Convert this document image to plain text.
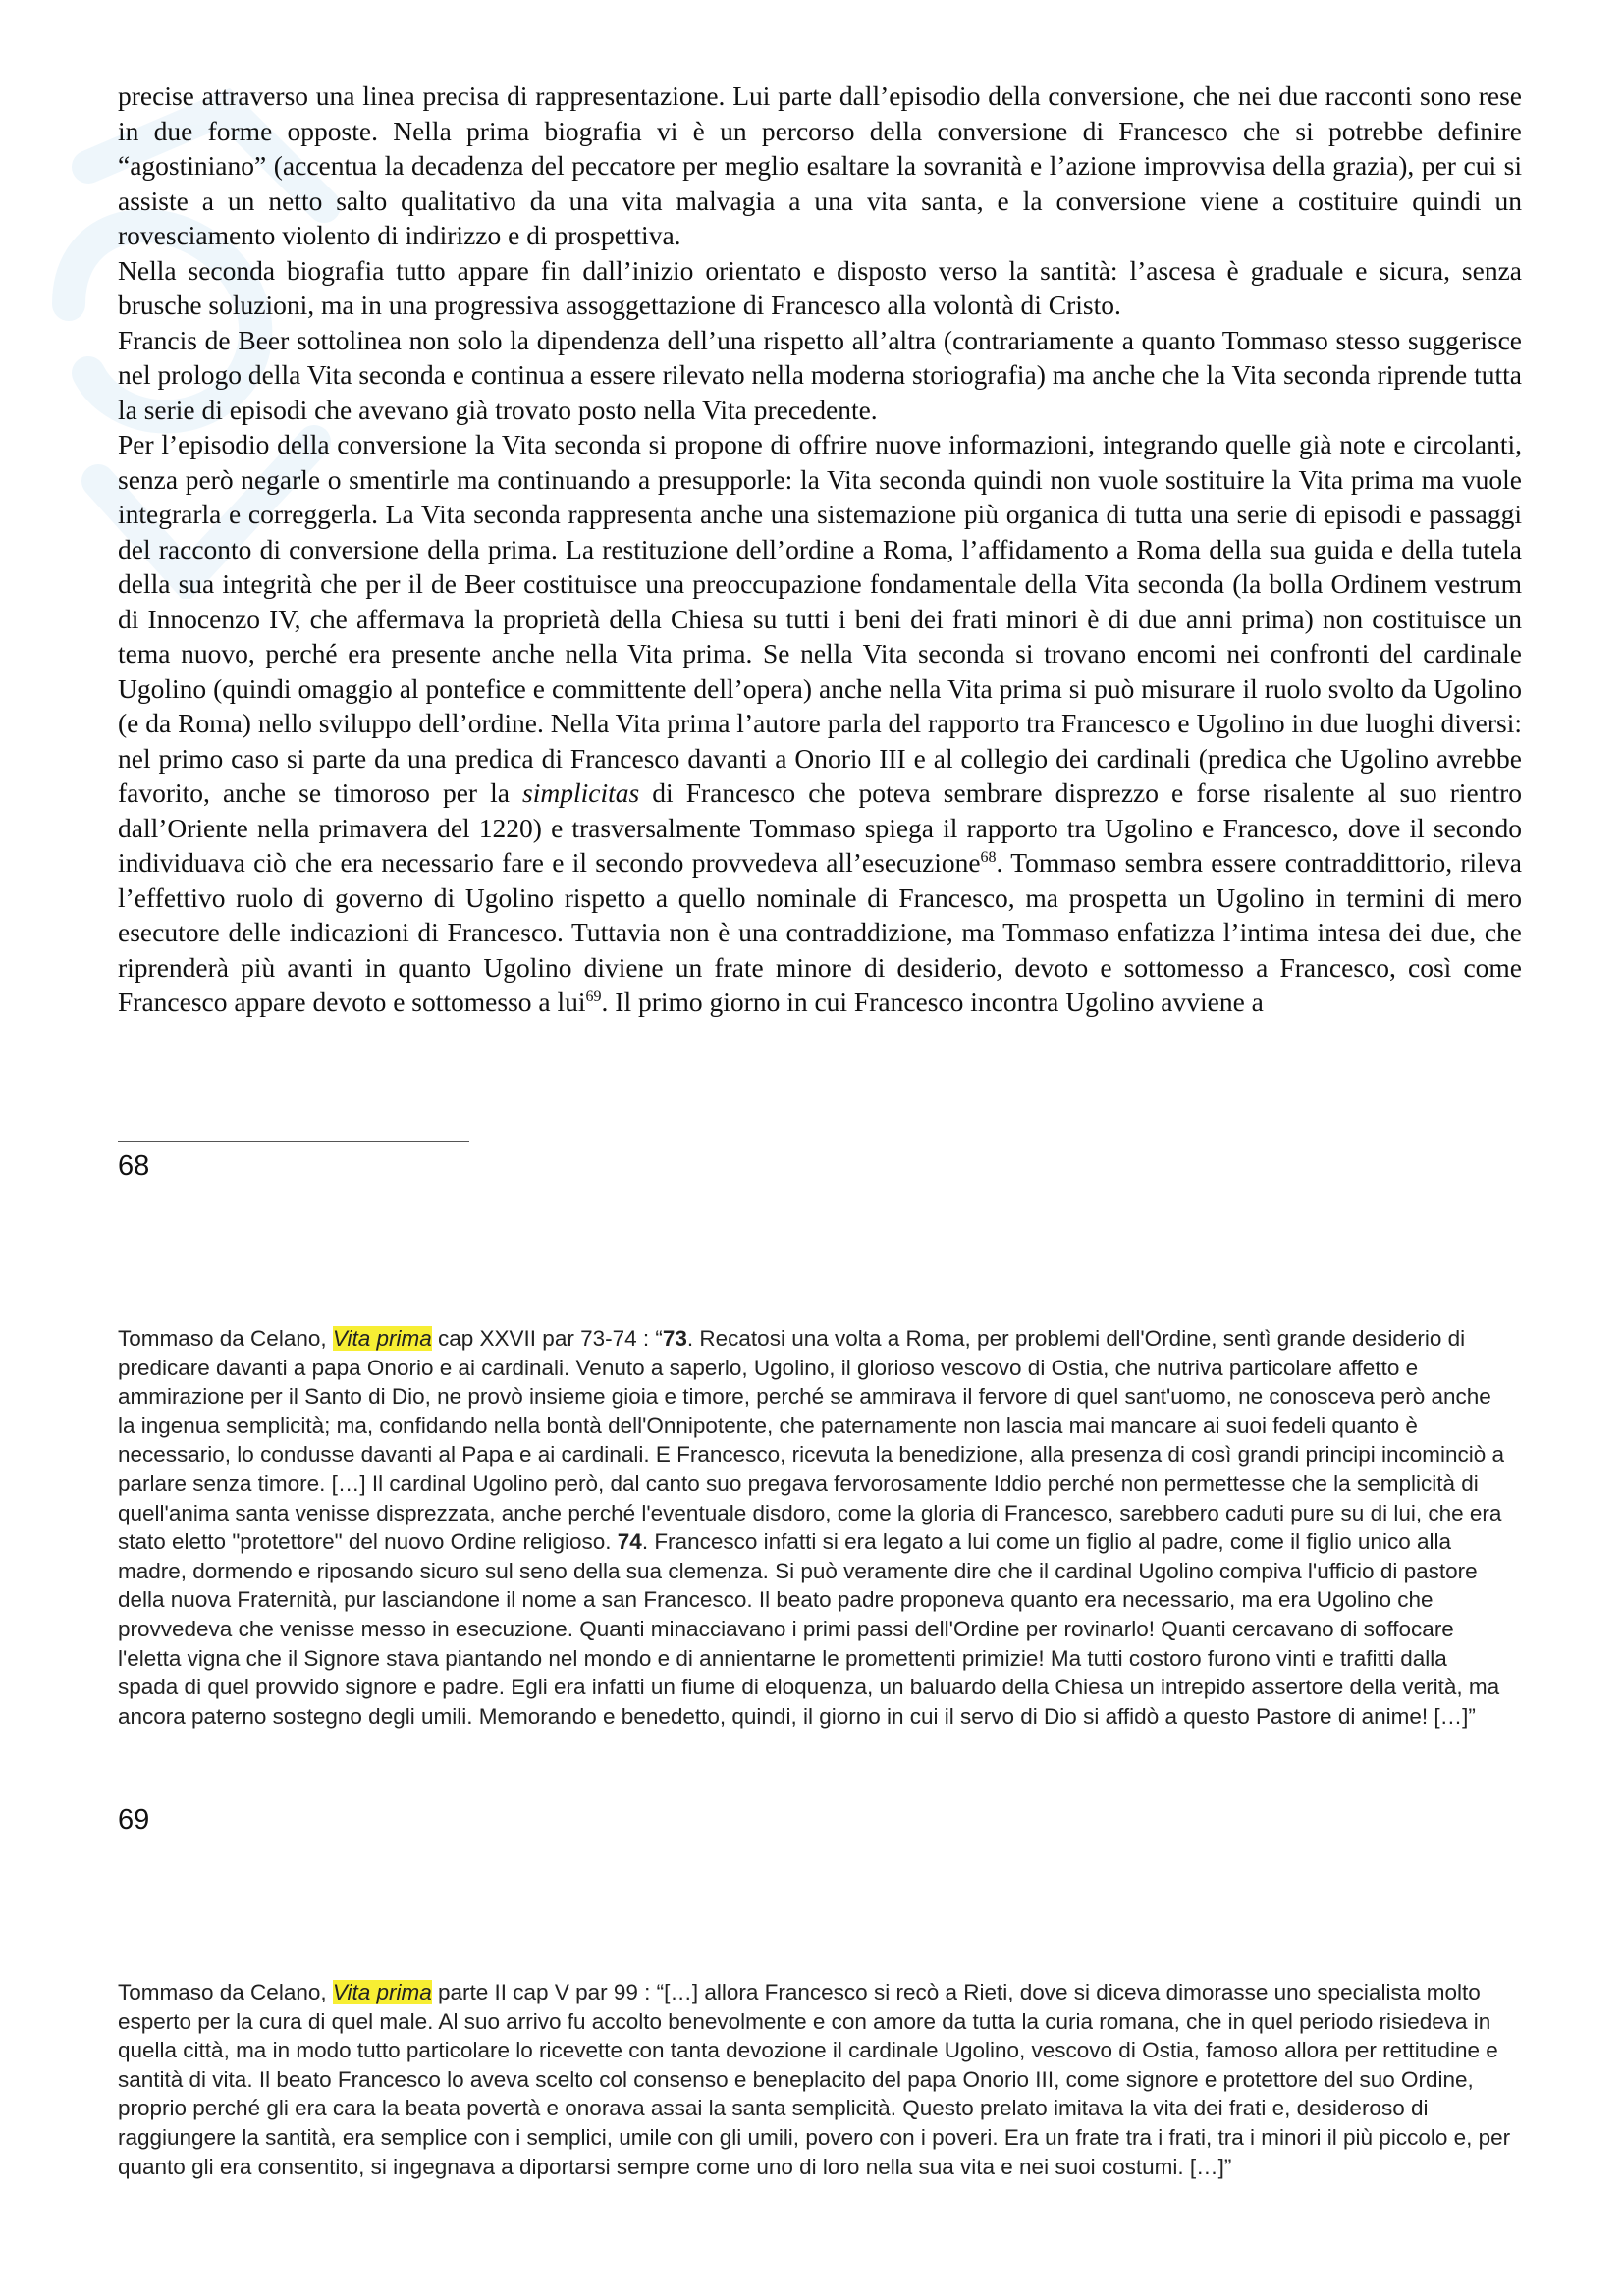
precise attraverso una linea precisa di rappresentazione. Lui parte dall’episodio della conversione, che nei due racconti sono rese in due forme opposte. Nella prima biografia vi è un percorso della conversione di Francesco che si potrebbe definire “agostiniano” (accentua la decadenza del peccatore per meglio esaltare la sovranità e l’azione improvvisa della grazia), per cui si assiste a un netto salto qualitativo da una vita malvagia a una vita santa, e la conversione viene a costituire quindi un rovesciamento violento di indirizzo e di prospettiva.

Nella seconda biografia tutto appare fin dall’inizio orientato e disposto verso la santità: l’ascesa è graduale e sicura, senza brusche soluzioni, ma in una progressiva assoggettazione di Francesco alla volontà di Cristo.

Francis de Beer sottolinea non solo la dipendenza dell’una rispetto all’altra (contrariamente a quanto Tommaso stesso suggerisce nel prologo della Vita seconda e continua a essere rilevato nella moderna storiografia) ma anche che la Vita seconda riprende tutta la serie di episodi che avevano già trovato posto nella Vita precedente.

Per l’episodio della conversione la Vita seconda si propone di offrire nuove informazioni, integrando quelle già note e circolanti, senza però negarle o smentirle ma continuando a presupporle: la Vita seconda quindi non vuole sostituire la Vita prima ma vuole integrarla e correggerla. La Vita seconda rappresenta anche una sistemazione più organica di tutta una serie di episodi e passaggi del racconto di conversione della prima. La restituzione dell’ordine a Roma, l’affidamento a Roma della sua guida e della tutela della sua integrità che per il de Beer costituisce una preoccupazione fondamentale della Vita seconda (la bolla Ordinem vestrum di Innocenzo IV, che affermava la proprietà della Chiesa su tutti i beni dei frati minori è di due anni prima) non costituisce un tema nuovo, perché era presente anche nella Vita prima. Se nella Vita seconda si trovano encomi nei confronti del cardinale Ugolino (quindi omaggio al pontefice e committente dell’opera) anche nella Vita prima si può misurare il ruolo svolto da Ugolino (e da Roma) nello sviluppo dell’ordine. Nella Vita prima l’autore parla del rapporto tra Francesco e Ugolino in due luoghi diversi: nel primo caso si parte da una predica di Francesco davanti a Onorio III e al collegio dei cardinali (predica che Ugolino avrebbe favorito, anche se timoroso per la simplicitas di Francesco che poteva sembrare disprezzo e forse risalente al suo rientro dall’Oriente nella primavera del 1220) e trasversalmente Tommaso spiega il rapporto tra Ugolino e Francesco, dove il secondo individuava ciò che era necessario fare e il secondo provvedeva all’esecuzione$^{68}$. Tommaso sembra essere contraddittorio, rileva l’effettivo ruolo di governo di Ugolino rispetto a quello nominale di Francesco, ma prospetta un Ugolino in termini di mero esecutore delle indicazioni di Francesco. Tuttavia non è una contraddizione, ma Tommaso enfatizza l’intima intesa dei due, che riprenderà più avanti in quanto Ugolino diviene un frate minore di desiderio, devoto e sottomesso a Francesco, così come Francesco appare devoto e sottomesso a lui$^{69}$. Il primo giorno in cui Francesco incontra Ugolino avviene a

68

Tommaso da Celano, Vita prima cap XXVII par 73-74 : “73. Recatosi una volta a Roma, per problemi dell'Ordine, sentì grande desiderio di predicare davanti a papa Onorio e ai cardinali. Venuto a saperlo, Ugolino, il glorioso vescovo di Ostia, che nutriva particolare affetto e ammirazione per il Santo di Dio, ne provò insieme gioia e timore, perché se ammirava il fervore di quel sant'uomo, ne conosceva però anche la ingenua semplicità; ma, confidando nella bontà dell'Onnipotente, che paternamente non lascia mai mancare ai suoi fedeli quanto è necessario, lo condusse davanti al Papa e ai cardinali. E Francesco, ricevuta la benedizione, alla presenza di così grandi principi incominciò a parlare senza timore. […] Il cardinal Ugolino però, dal canto suo pregava fervorosamente Iddio perché non permettesse che la semplicità di quell'anima santa venisse disprezzata, anche perché l'eventuale disdoro, come la gloria di Francesco, sarebbero caduti pure su di lui, che era stato eletto "protettore" del nuovo Ordine religioso. 74. Francesco infatti si era legato a lui come un figlio al padre, come il figlio unico alla madre, dormendo e riposando sicuro sul seno della sua clemenza. Si può veramente dire che il cardinal Ugolino compiva l'ufficio di pastore della nuova Fraternità, pur lasciandone il nome a san Francesco. Il beato padre proponeva quanto era necessario, ma era Ugolino che provvedeva che venisse messo in esecuzione. Quanti minacciavano i primi passi dell'Ordine per rovinarlo! Quanti cercavano di soffocare l'eletta vigna che il Signore stava piantando nel mondo e di annientarne le promettenti primizie! Ma tutti costoro furono vinti e trafitti dalla spada di quel provvido signore e padre. Egli era infatti un fiume di eloquenza, un baluardo della Chiesa un intrepido assertore della verità, ma ancora paterno sostegno degli umili. Memorando e benedetto, quindi, il giorno in cui il servo di Dio si affidò a questo Pastore di anime! […]”

69

Tommaso da Celano, Vita prima parte II cap V par 99 : “[…] allora Francesco si recò a Rieti, dove si diceva dimorasse uno specialista molto esperto per la cura di quel male. Al suo arrivo fu accolto benevolmente e con amore da tutta la curia romana, che in quel periodo risiedeva in quella città, ma in modo tutto particolare lo ricevette con tanta devozione il cardinale Ugolino, vescovo di Ostia, famoso allora per rettitudine e santità di vita. Il beato Francesco lo aveva scelto col consenso e beneplacito del papa Onorio III, come signore e protettore del suo Ordine, proprio perché gli era cara la beata povertà e onorava assai la santa semplicità. Questo prelato imitava la vita dei frati e, desideroso di raggiungere la santità, era semplice con i semplici, umile con gli umili, povero con i poveri. Era un frate tra i frati, tra i minori il più piccolo e, per quanto gli era consentito, si ingegnava a diportarsi sempre come uno di loro nella sua vita e nei suoi costumi. […]”
